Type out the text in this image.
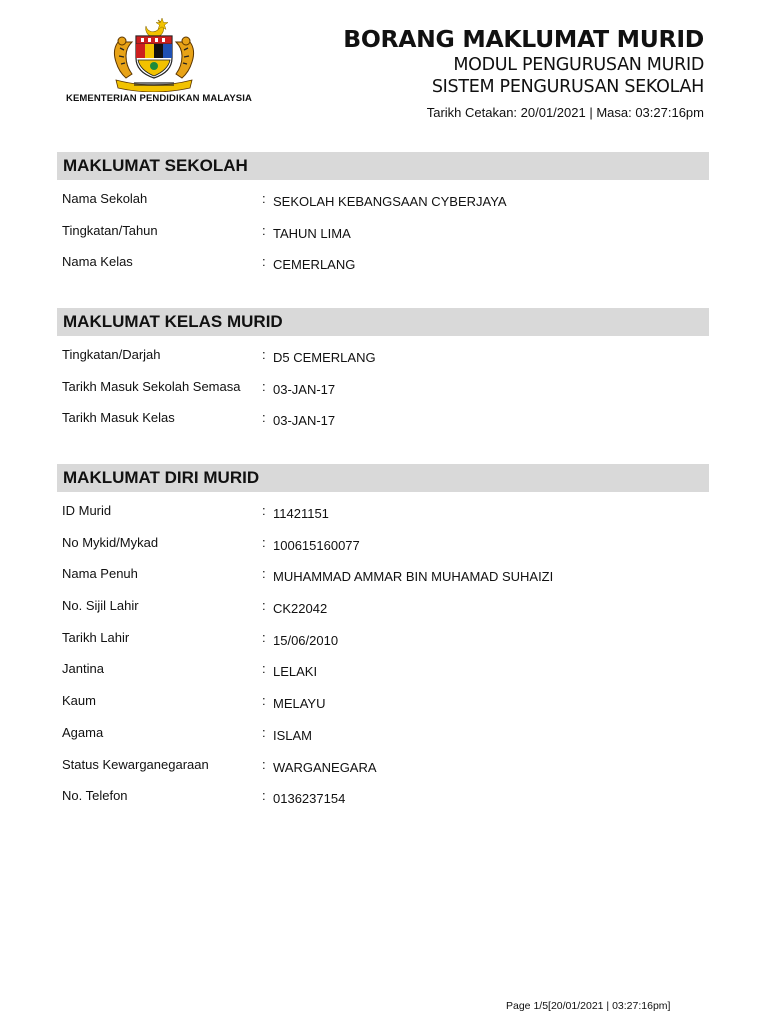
KEMENTERIAN PENDIDIKAN MALAYSIA
BORANG MAKLUMAT MURID
MODUL PENGURUSAN MURID
SISTEM PENGURUSAN SEKOLAH
Tarikh Cetakan: 20/01/2021 | Masa: 03:27:16pm
MAKLUMAT SEKOLAH
Nama Sekolah	: SEKOLAH KEBANGSAAN CYBERJAYA
Tingkatan/Tahun	: TAHUN LIMA
Nama Kelas	: CEMERLANG
MAKLUMAT KELAS MURID
Tingkatan/Darjah	: D5 CEMERLANG
Tarikh Masuk Sekolah Semasa : 03-JAN-17
Tarikh Masuk Kelas	: 03-JAN-17
MAKLUMAT DIRI MURID
ID Murid	: 11421151
No Mykid/Mykad	: 100615160077
Nama Penuh	: MUHAMMAD AMMAR BIN MUHAMAD SUHAIZI
No. Sijil Lahir	: CK22042
Tarikh Lahir	: 15/06/2010
Jantina	: LELAKI
Kaum	: MELAYU
Agama	: ISLAM
Status Kewarganegaraan	: WARGANEGARA
No. Telefon	: 0136237154
Page 1/5[20/01/2021 | 03:27:16pm]
